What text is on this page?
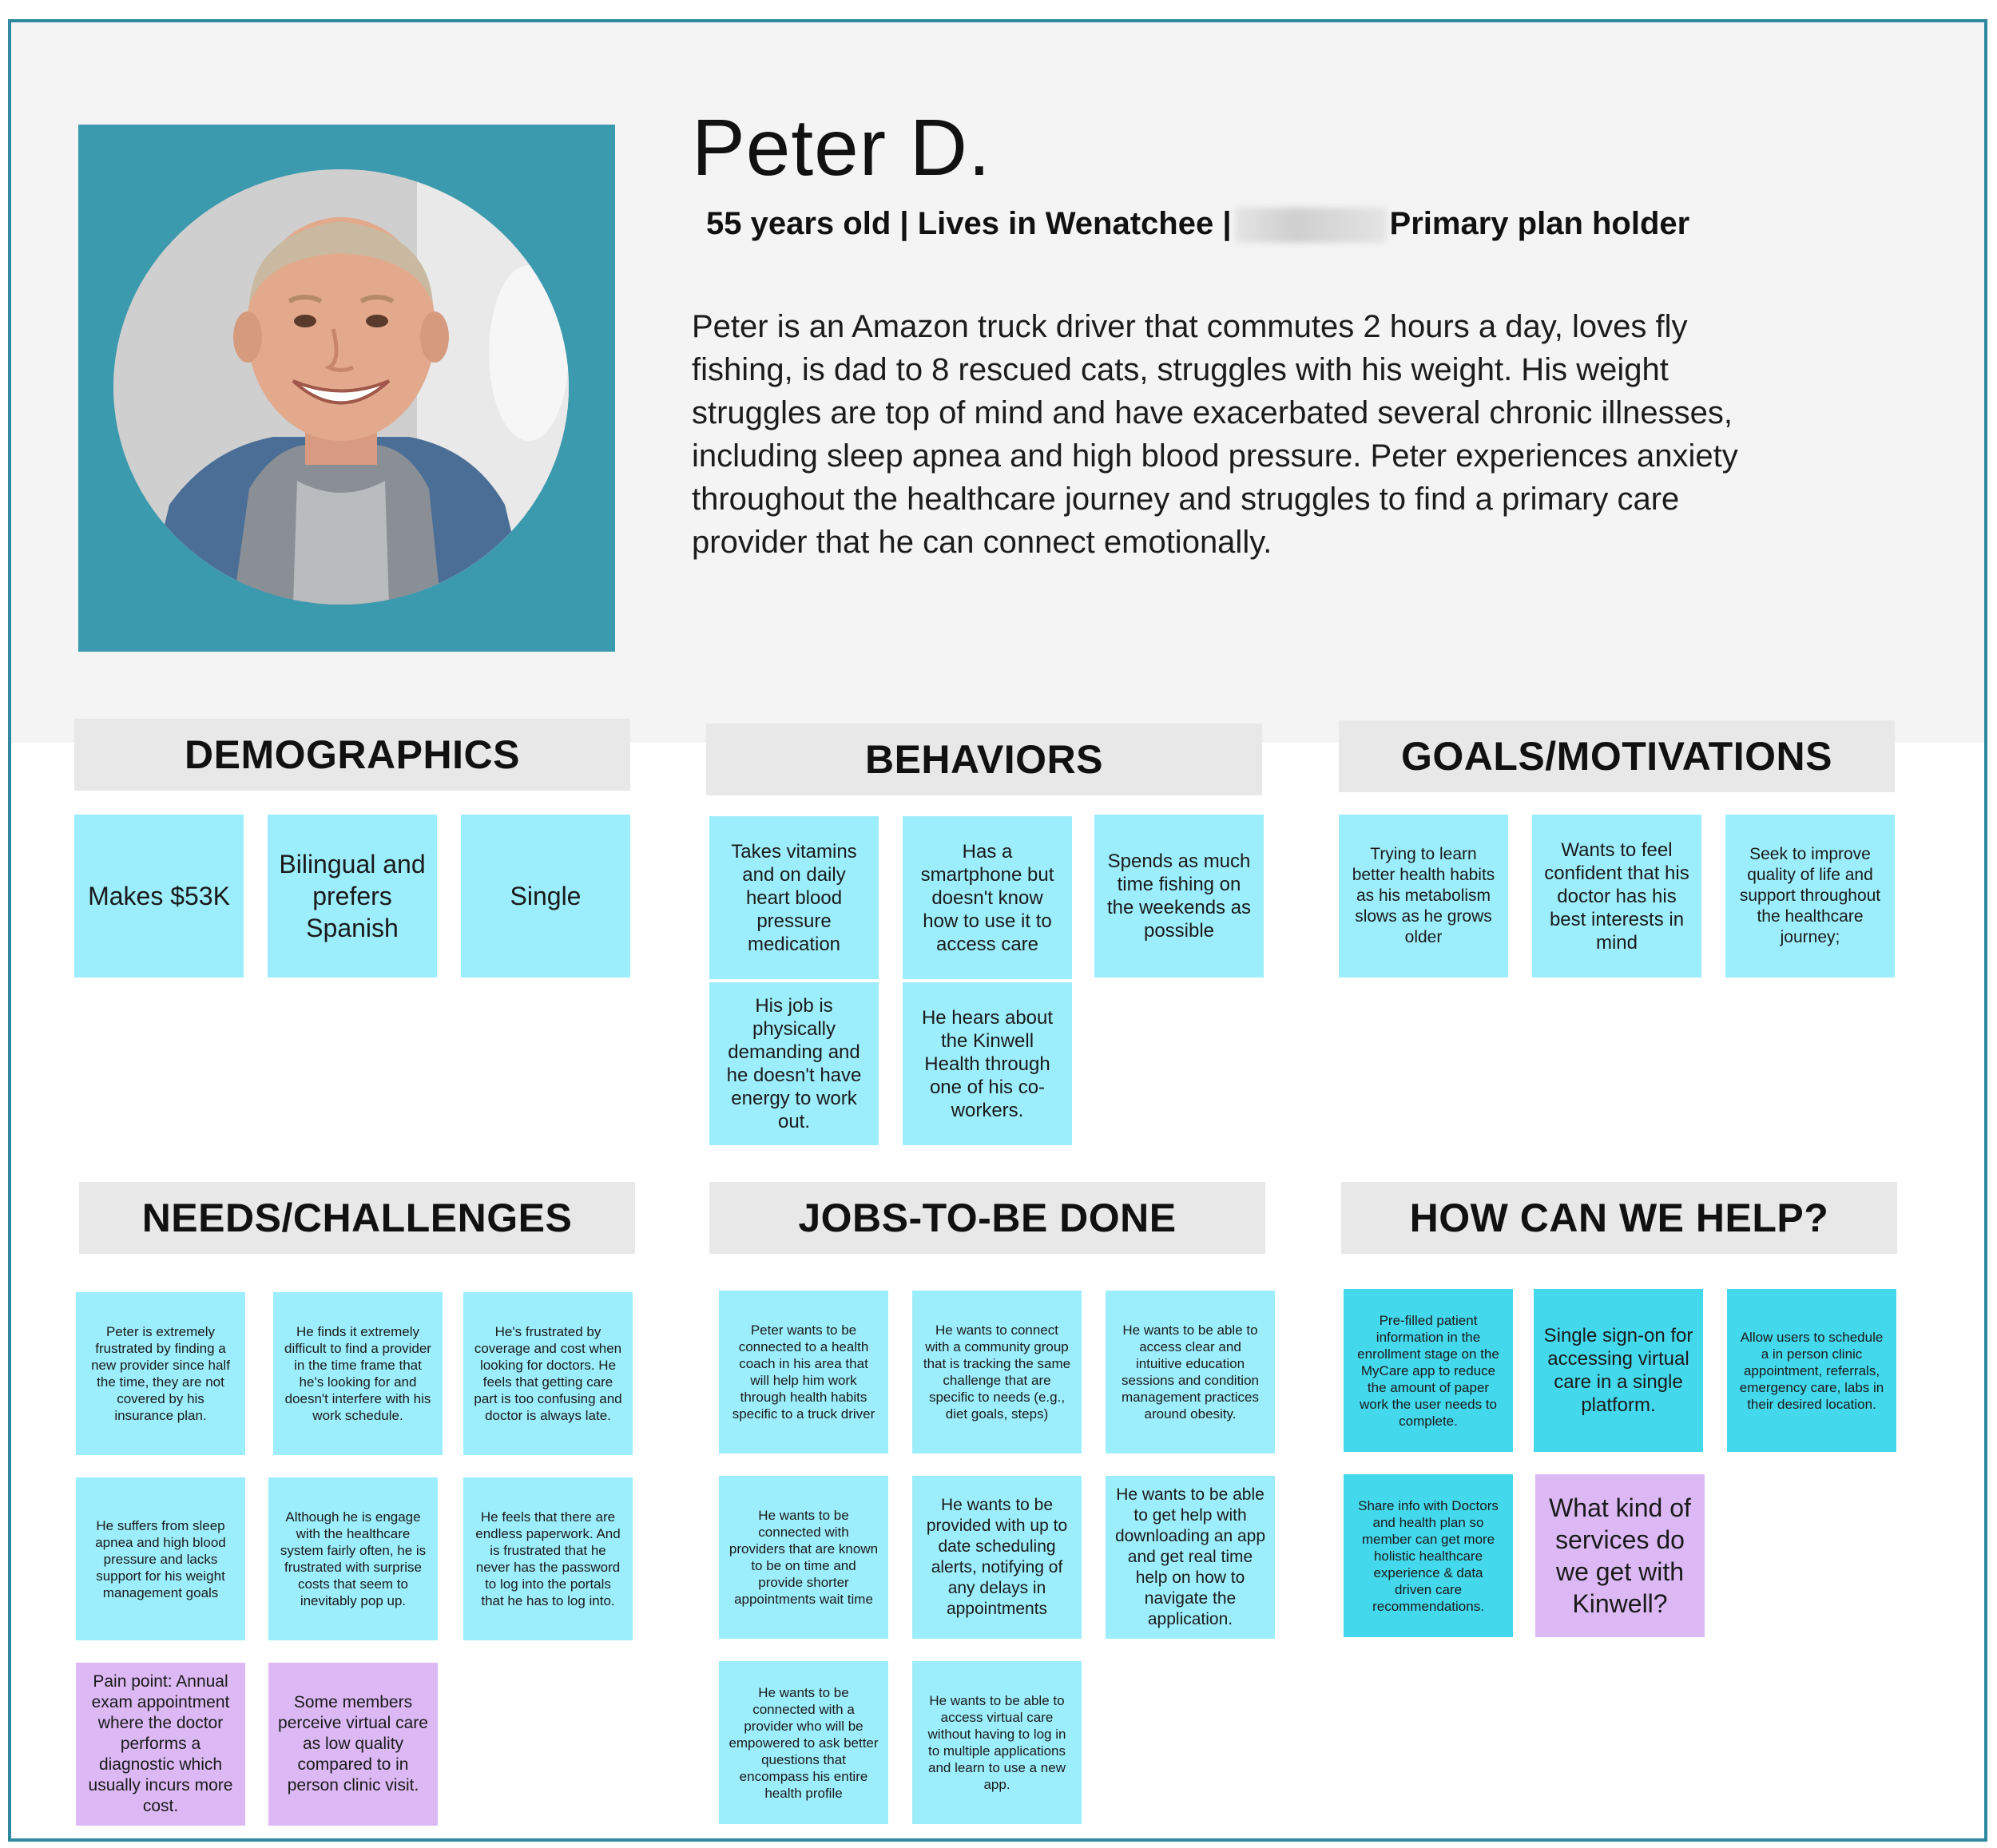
Peter D.
55 years old | Lives in Wenatchee |	Primary plan holder
Peter is an Amazon truck driver that commutes 2 hours a day, loves fly fishing, is dad to 8 rescued cats, struggles with his weight. His weight struggles are top of mind and have exacerbated several chronic illnesses, including sleep apnea and high blood pressure. Peter experiences anxiety throughout the healthcare journey and struggles to find a primary care provider that he can connect emotionally.
DEMOGRAPHICS	BEHAVIORS	GOALS/MOTIVATIONS
NEEDS/CHALLENGES	JOBS-TO-BE DONE	HOW CAN WE HELP?
Makes $53K
Bilingual and prefers Spanish
Single
Takes vitamins and on daily heart blood pressure medication
Has a smartphone but doesn't know how to use it to access care
Spends as much time fishing on the weekends as possible
His job is physically demanding and he doesn't have energy to work out.
He hears about the Kinwell Health through one of his co-workers.
Trying to learn better health habits as his metabolism slows as he grows older
Wants to feel confident that his doctor has his best interests in mind
Seek to improve quality of life and support throughout the healthcare journey;
Peter is extremely frustrated by finding a new provider since half the time, they are not covered by his insurance plan.
He finds it extremely difficult to find a provider in the time frame that he's looking for and doesn't interfere with his work schedule.
He's frustrated by coverage and cost when looking for doctors. He feels that getting care part is too confusing and doctor is always late.
He suffers from sleep apnea and high blood pressure and lacks support for his weight management goals
Although he is engage with the healthcare system fairly often, he is frustrated with surprise costs that seem to inevitably pop up.
He feels that there are endless paperwork. And is frustrated that he never has the password to log into the portals that he has to log into.
Pain point: Annual exam appointment where the doctor performs a diagnostic which usually incurs more cost.
Some members perceive virtual care as low quality compared to in person clinic visit.
Peter wants to be connected to a health coach in his area that will help him work through health habits specific to a truck driver
He wants to connect with a community group that is tracking the same challenge that are specific to needs (e.g., diet goals, steps)
He wants to be able to access clear and intuitive education sessions and condition management practices around obesity.
He wants to be connected with providers that are known to be on time and provide shorter appointments wait time
He wants to be provided with up to date scheduling alerts, notifying of any delays in appointments
He wants to be able to get help with downloading an app and get real time help on how to navigate the application.
He wants to be connected with a provider who will be empowered to ask better questions that encompass his entire health profile
He wants to be able to access virtual care without having to log in to multiple applications and learn to use a new app.
Pre-filled patient information in the enrollment stage on the MyCare app to reduce the amount of paper work the user needs to complete.
Single sign-on for accessing virtual care in a single platform.
Allow users to schedule a in person clinic appointment, referrals, emergency care, labs in their desired location.
Share info with Doctors and health plan so member can get more holistic healthcare experience & data driven care recommendations.
What kind of services do we get with Kinwell?
